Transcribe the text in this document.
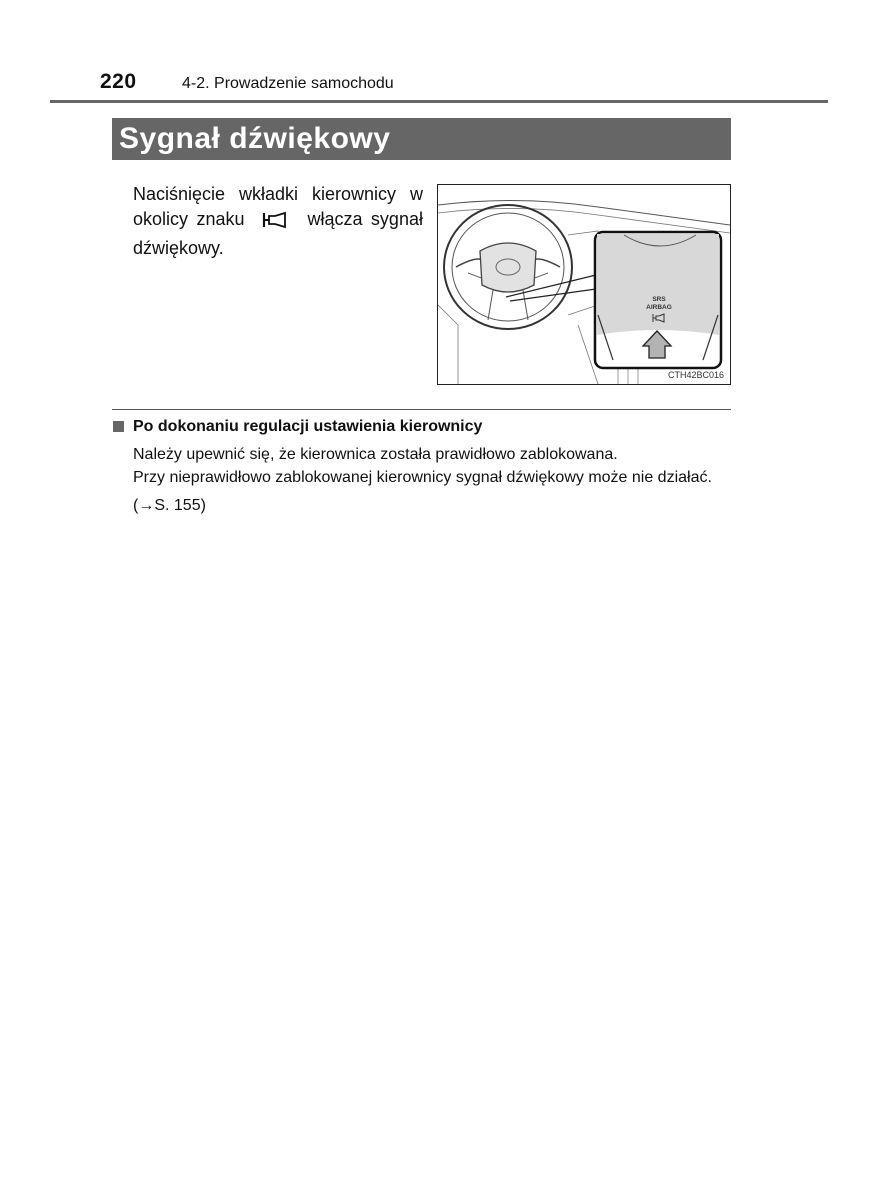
220	4-2. Prowadzenie samochodu
Sygnał dźwiękowy
Naciśnięcie wkładki kierownicy w okolicy znaku	włącza sygnał dźwiękowy.
SRS
AIRBAG
CTH42BC016
Po dokonaniu regulacji ustawienia kierownicy
Należy upewnić się, że kierownica została prawidłowo zablokowana.
Przy nieprawidłowo zablokowanej kierownicy sygnał dźwiękowy może nie działać.
(→S. 155)
